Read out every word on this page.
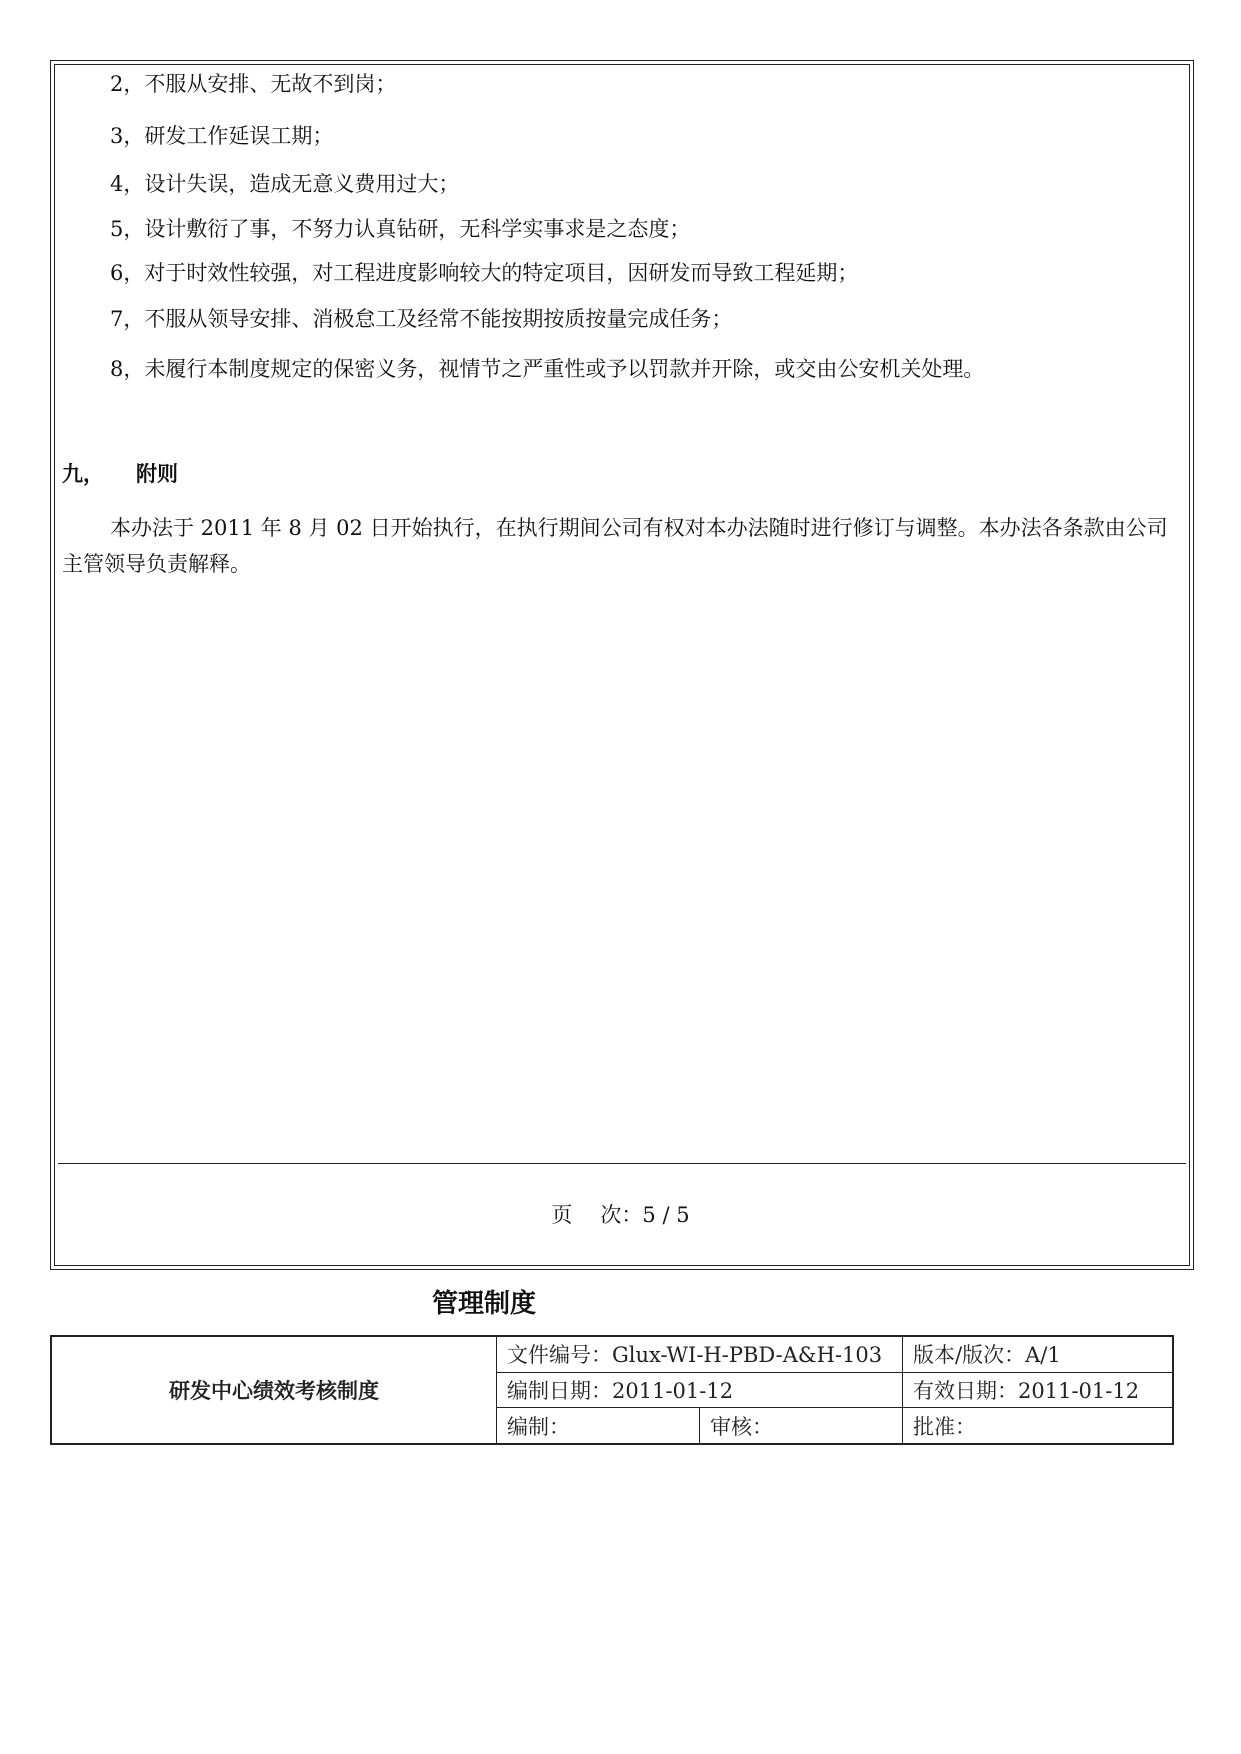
2，不服从安排、无故不到岗；
3，研发工作延误工期；
4，设计失误，造成无意义费用过大；
5，设计敷衍了事，不努力认真钻研，无科学实事求是之态度；
6，对于时效性较强，对工程进度影响较大的特定项目，因研发而导致工程延期；
7，不服从领导安排、消极怠工及经常不能按期按质按量完成任务；
8，未履行本制度规定的保密义务，视情节之严重性或予以罚款并开除，或交由公安机关处理。
九， 附则
本办法于 2011 年 8 月 02 日开始执行，在执行期间公司有权对本办法随时进行修订与调整。本办法各条款由公司主管领导负责解释。
页 次：5 / 5
管理制度
研发中心绩效考核制度	文件编号：Glux-WI-H-PBD-A&H-103		版本/版次：A/1
	编制日期：2011-01-12		有效日期：2011-01-12
	编制：	审核：	批准：
